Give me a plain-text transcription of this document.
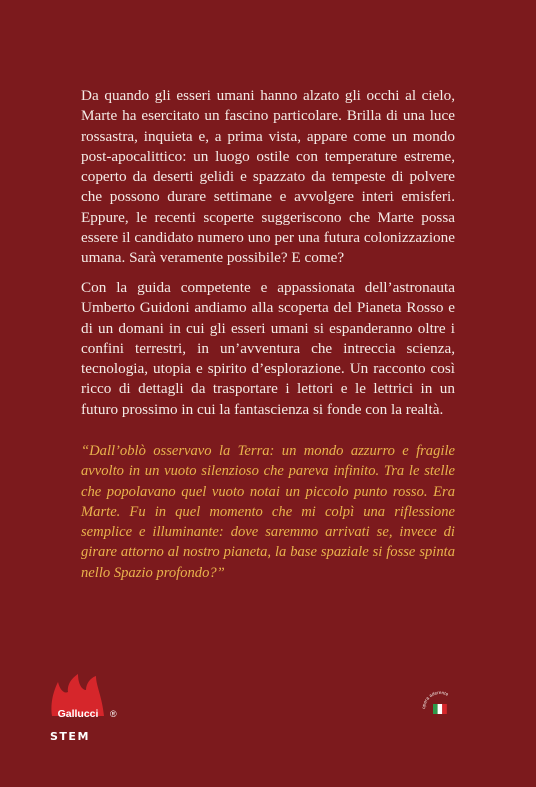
Da quando gli esseri umani hanno alzato gli occhi al cielo, Marte ha esercitato un fascino particolare. Brilla di una luce rossastra, inquieta e, a prima vista, appare come un mondo post-apocalittico: un luogo ostile con temperature estreme, coperto da deserti gelidi e spazzato da tempeste di polvere che possono durare settimane e avvolgere interi emisferi. Eppure, le recenti scoperte suggeriscono che Marte possa essere il candidato numero uno per una futura colonizzazione umana. Sarà veramente possibile? E come?

Con la guida competente e appassionata dell’astronauta Umberto Guidoni andiamo alla scoperta del Pianeta Rosso e di un domani in cui gli esseri umani si espanderanno oltre i confini terrestri, in un’avventura che intreccia scienza, tecnologia, utopia e spirito d’esplorazione. Un racconto così ricco di dettagli da trasportare i lettori e le lettrici in un futuro prossimo in cui la fantascienza si fonde con la realtà.

“Dall’oblò osservavo la Terra: un mondo azzurro e fragile avvolto in un vuoto silenzioso che pareva infinito. Tra le stelle che popolavano quel vuoto notai un piccolo punto rosso. Era Marte. Fu in quel momento che mi colpì una riflessione semplice e illuminante: dove saremmo arrivati se, invece di girare attorno al nostro pianeta, la base spaziale si fosse spinta nello Spazio profondo?”
Gallucci	®
STEM
opera aderente
